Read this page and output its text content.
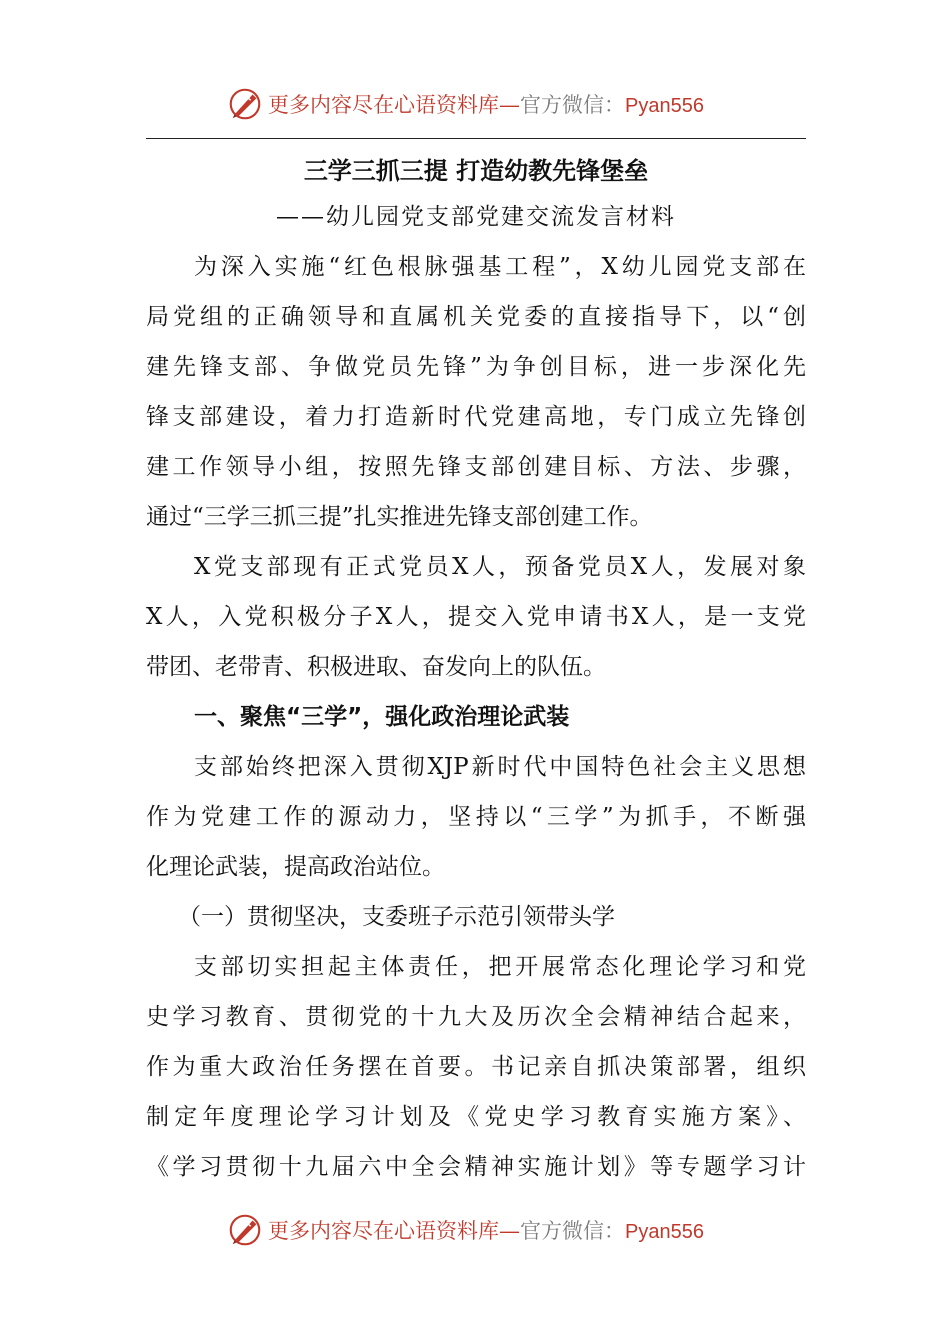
更多内容尽在心语资料库—官方微信：Pyan556
三学三抓三提 打造幼教先锋堡垒
——幼儿园党支部党建交流发言材料
为深入实施“红色根脉强基工程”，X幼儿园党支部在
局党组的正确领导和直属机关党委的直接指导下，以“创
建先锋支部、争做党员先锋”为争创目标，进一步深化先
锋支部建设，着力打造新时代党建高地，专门成立先锋创
建工作领导小组，按照先锋支部创建目标、方法、步骤，
通过“三学三抓三提”扎实推进先锋支部创建工作。
X党支部现有正式党员X人，预备党员X人，发展对象
X人，入党积极分子X人，提交入党申请书X人，是一支党
带团、老带青、积极进取、奋发向上的队伍。
一、聚焦“三学”，强化政治理论武装
支部始终把深入贯彻XJP新时代中国特色社会主义思想
作为党建工作的源动力，坚持以“三学”为抓手，不断强
化理论武装，提高政治站位。
（一）贯彻坚决，支委班子示范引领带头学
支部切实担起主体责任，把开展常态化理论学习和党
史学习教育、贯彻党的十九大及历次全会精神结合起来，
作为重大政治任务摆在首要。书记亲自抓决策部署，组织
制定年度理论学习计划及《党史学习教育实施方案》、
《学习贯彻十九届六中全会精神实施计划》等专题学习计
更多内容尽在心语资料库—官方微信：Pyan556
